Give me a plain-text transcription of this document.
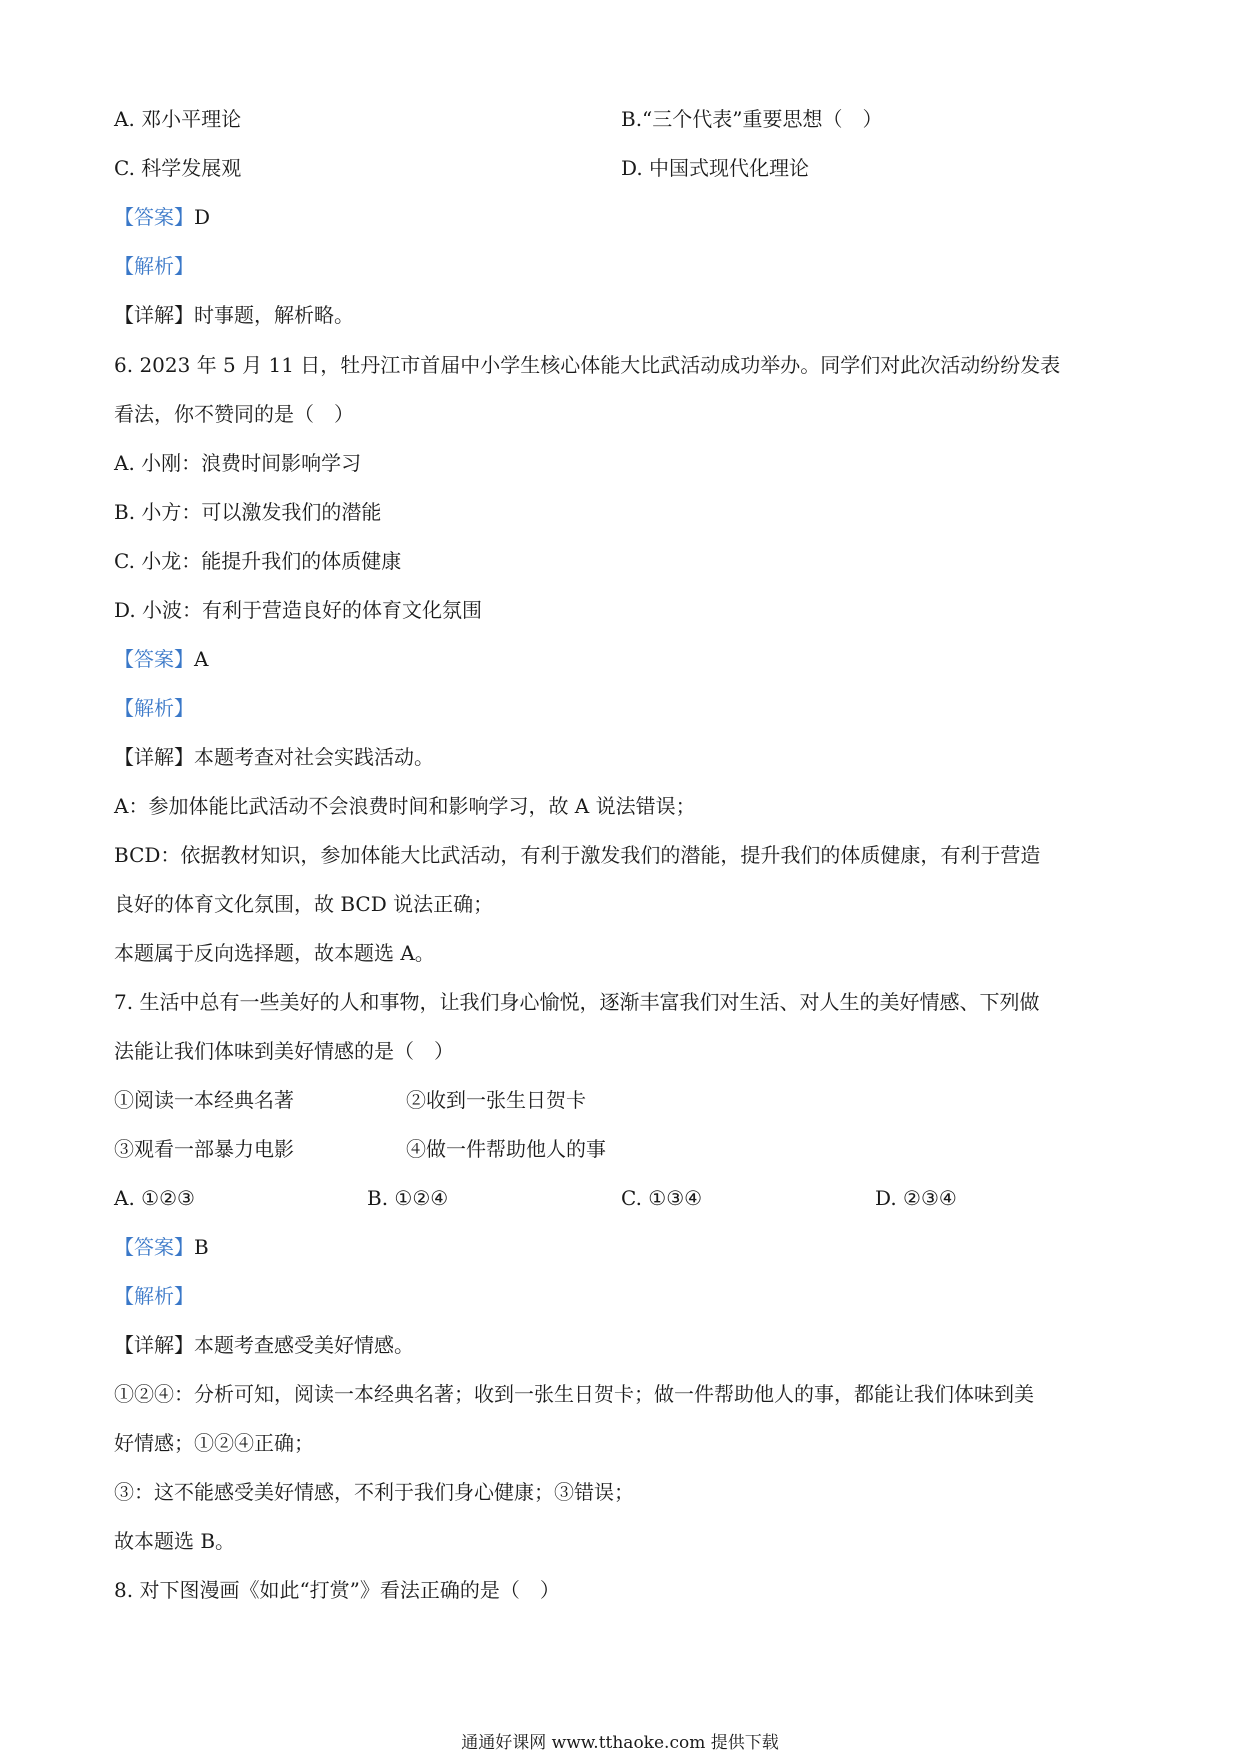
A. 邓小平理论	B.“三个代表”重要思想（　）
C. 科学发展观	D. 中国式现代化理论
【答案】D
【解析】
【详解】时事题，解析略。
6. 2023 年 5 月 11 日，牡丹江市首届中小学生核心体能大比武活动成功举办。同学们对此次活动纷纷发表
看法，你不赞同的是（　）
A. 小刚：浪费时间影响学习
B. 小方：可以激发我们的潜能
C. 小龙：能提升我们的体质健康
D. 小波：有利于营造良好的体育文化氛围
【答案】A
【解析】
【详解】本题考查对社会实践活动。
A：参加体能比武活动不会浪费时间和影响学习，故 A 说法错误；
BCD：依据教材知识，参加体能大比武活动，有利于激发我们的潜能，提升我们的体质健康，有利于营造
良好的体育文化氛围，故 BCD 说法正确；
本题属于反向选择题，故本题选 A。
7. 生活中总有一些美好的人和事物，让我们身心愉悦，逐渐丰富我们对生活、对人生的美好情感、下列做
法能让我们体味到美好情感的是（　）
①阅读一本经典名著	②收到一张生日贺卡
③观看一部暴力电影	④做一件帮助他人的事
A. ①②③	B. ①②④	C. ①③④	D. ②③④
【答案】B
【解析】
【详解】本题考查感受美好情感。
①②④：分析可知，阅读一本经典名著；收到一张生日贺卡；做一件帮助他人的事，都能让我们体味到美
好情感；①②④正确；
③：这不能感受美好情感，不利于我们身心健康；③错误；
故本题选 B。
8. 对下图漫画《如此“打赏”》看法正确的是（　）
通通好课网 www.tthaoke.com 提供下载
